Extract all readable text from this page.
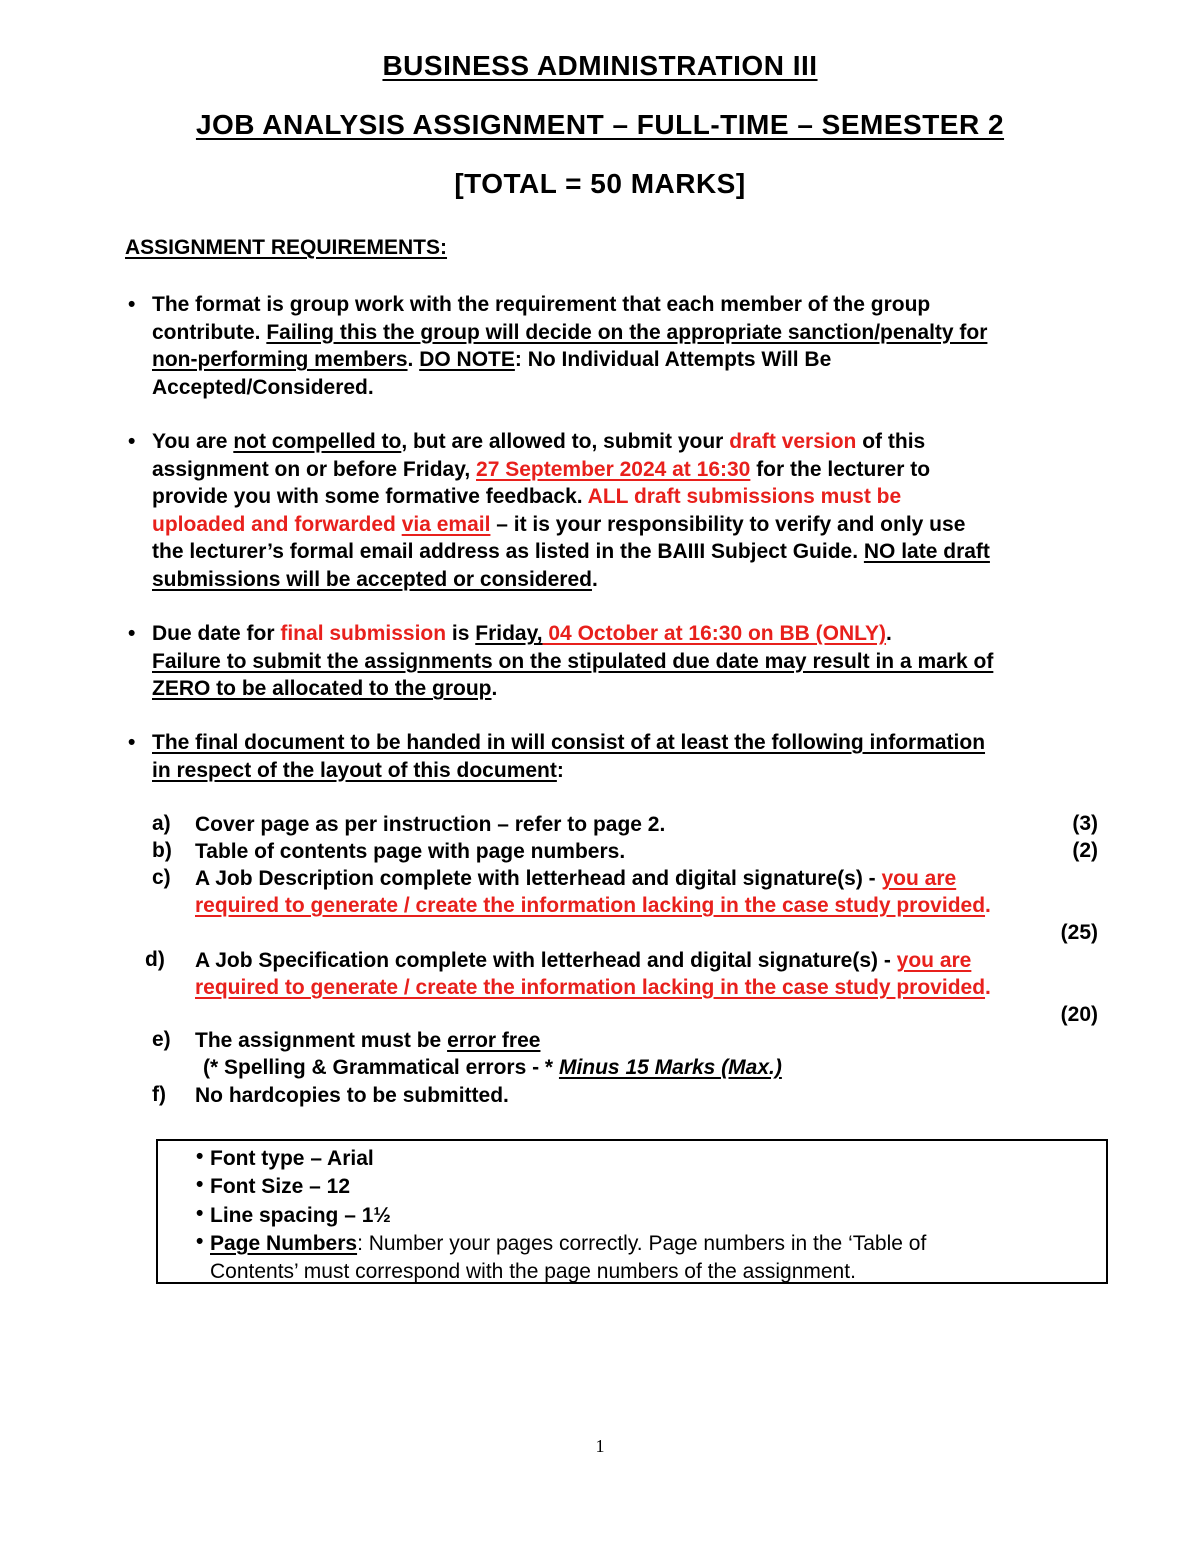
BUSINESS ADMINISTRATION III
JOB ANALYSIS ASSIGNMENT – FULL-TIME – SEMESTER 2
[TOTAL = 50 MARKS]
ASSIGNMENT REQUIREMENTS:
• The format is group work with the requirement that each member of the group
contribute. Failing this the group will decide on the appropriate sanction/penalty for
non-performing members. DO NOTE: No Individual Attempts Will Be
Accepted/Considered.
• You are not compelled to, but are allowed to, submit your draft version of this
assignment on or before Friday, 27 September 2024 at 16:30 for the lecturer to
provide you with some formative feedback. ALL draft submissions must be
uploaded and forwarded via email – it is your responsibility to verify and only use
the lecturer’s formal email address as listed in the BAIII Subject Guide. NO late draft
submissions will be accepted or considered.
• Due date for final submission is Friday, 04 October at 16:30 on BB (ONLY).
Failure to submit the assignments on the stipulated due date may result in a mark of
ZERO to be allocated to the group.
• The final document to be handed in will consist of at least the following information
in respect of the layout of this document:
a) Cover page as per instruction – refer to page 2.	(3)
b) Table of contents page with page numbers.	(2)
c) A Job Description complete with letterhead and digital signature(s) - you are
required to generate / create the information lacking in the case study provided.
(25)
d) A Job Specification complete with letterhead and digital signature(s) - you are
required to generate / create the information lacking in the case study provided.
(20)
e) The assignment must be error free
(* Spelling & Grammatical errors - * Minus 15 Marks (Max.)
f) No hardcopies to be submitted.
• Font type – Arial
• Font Size – 12
• Line spacing – 1½
• Page Numbers: Number your pages correctly. Page numbers in the ‘Table of
Contents’ must correspond with the page numbers of the assignment.
1
